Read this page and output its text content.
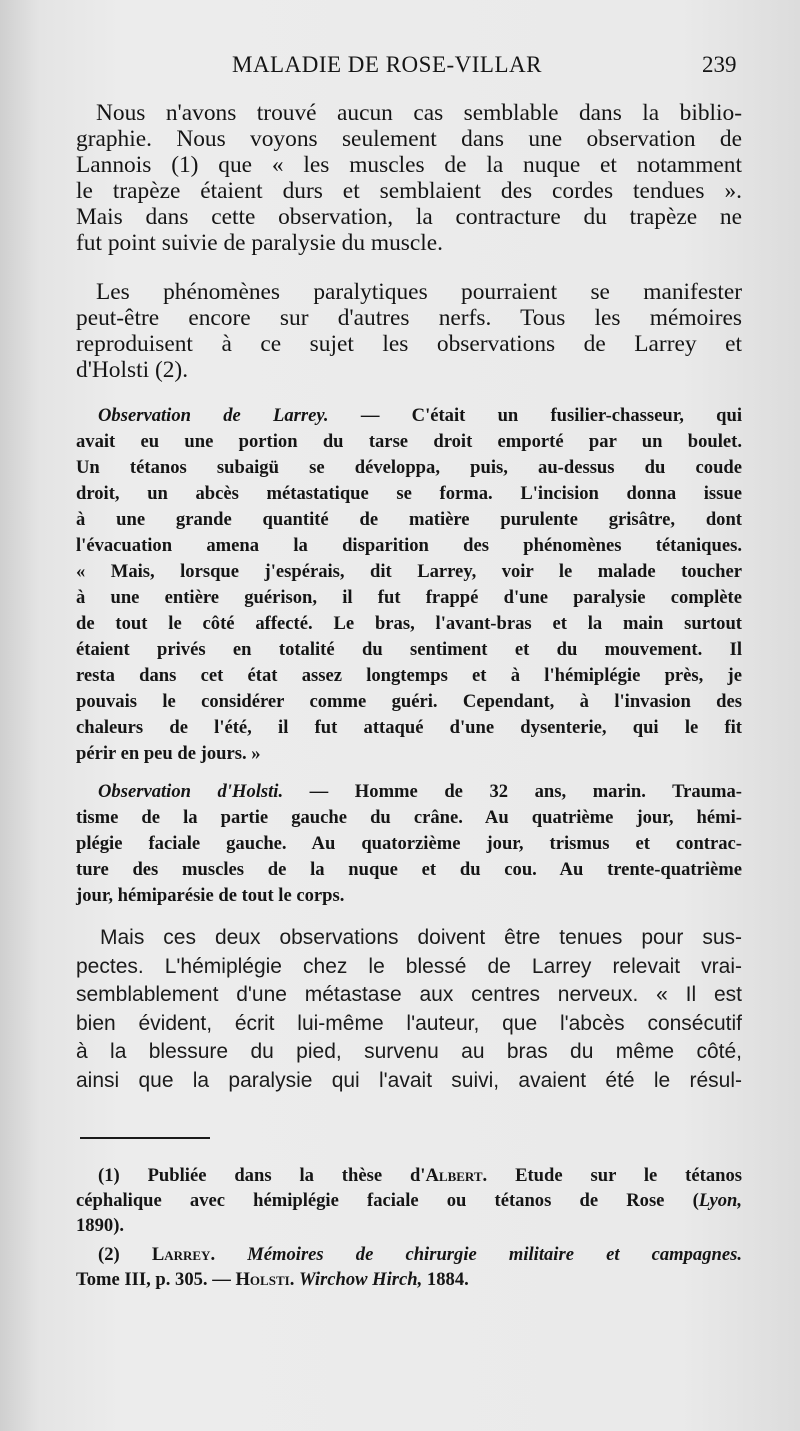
MALADIE DE ROSE-VILLAR	239
Nous n'avons trouvé aucun cas semblable dans la biblio-
graphie. Nous voyons seulement dans une observation de
Lannois (1) que « les muscles de la nuque et notamment
le trapèze étaient durs et semblaient des cordes tendues ».
Mais dans cette observation, la contracture du trapèze ne
fut point suivie de paralysie du muscle.
Les phénomènes paralytiques pourraient se manifester
peut-être encore sur d'autres nerfs. Tous les mémoires
reproduisent à ce sujet les observations de Larrey et
d'Holsti (2).
Observation de Larrey. — C'était un fusilier-chasseur, qui
avait eu une portion du tarse droit emporté par un boulet.
Un tétanos subaigü se développa, puis, au-dessus du coude
droit, un abcès métastatique se forma. L'incision donna issue
à une grande quantité de matière purulente grisâtre, dont
l'évacuation amena la disparition des phénomènes tétaniques.
« Mais, lorsque j'espérais, dit Larrey, voir le malade toucher
à une entière guérison, il fut frappé d'une paralysie complète
de tout le côté affecté. Le bras, l'avant-bras et la main surtout
étaient privés en totalité du sentiment et du mouvement. Il
resta dans cet état assez longtemps et à l'hémiplégie près, je
pouvais le considérer comme guéri. Cependant, à l'invasion des
chaleurs de l'été, il fut attaqué d'une dysenterie, qui le fit
périr en peu de jours. »
Observation d'Holsti. — Homme de 32 ans, marin. Trauma-
tisme de la partie gauche du crâne. Au quatrième jour, hémi-
plégie faciale gauche. Au quatorzième jour, trismus et contrac-
ture des muscles de la nuque et du cou. Au trente-quatrième
jour, hémiparésie de tout le corps.
Mais ces deux observations doivent être tenues pour sus-
pectes. L'hémiplégie chez le blessé de Larrey relevait vrai-
semblablement d'une métastase aux centres nerveux. « Il est
bien évident, écrit lui-même l'auteur, que l'abcès consécutif
à la blessure du pied, survenu au bras du même côté,
ainsi que la paralysie qui l'avait suivi, avaient été le résul-
(1) Publiée dans la thèse d'Albert. Etude sur le tétanos
céphalique avec hémiplégie faciale ou tétanos de Rose (Lyon,
1890).
(2) Larrey. Mémoires de chirurgie militaire et campagnes.
Tome III, p. 305. — Holsti. Wirchow Hirch, 1884.
